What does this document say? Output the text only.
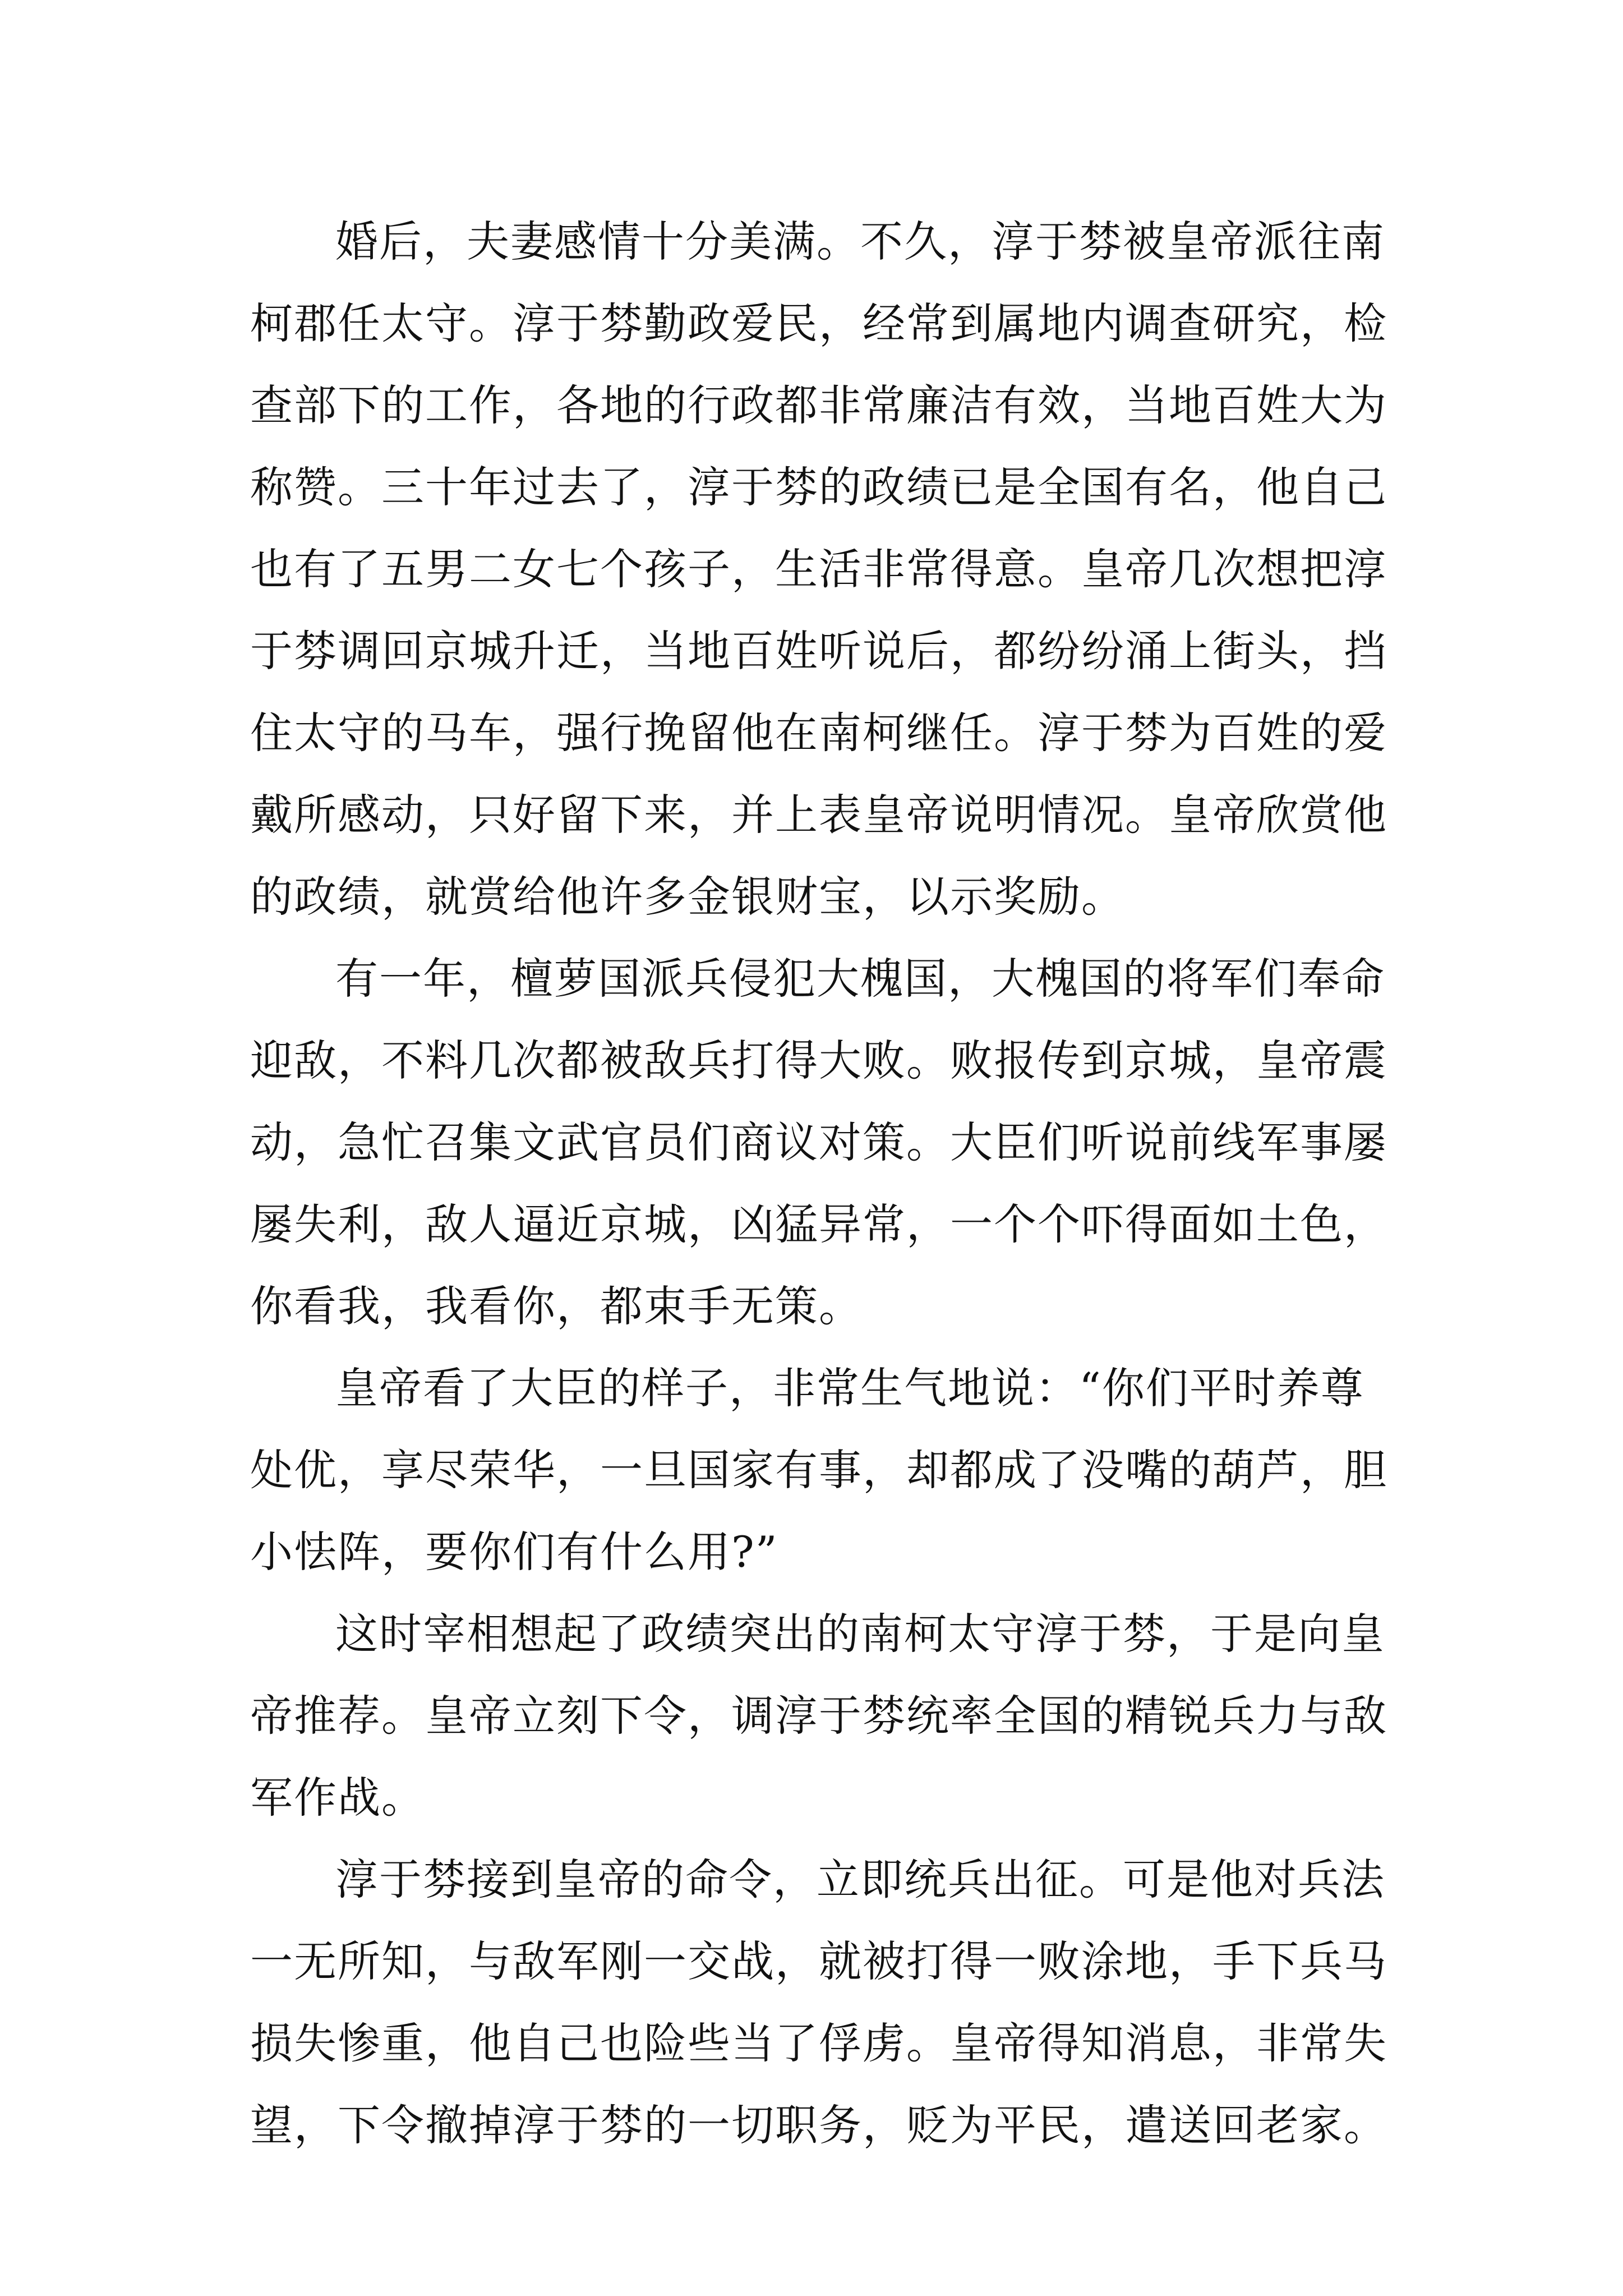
婚后，夫妻感情十分美满。不久，淳于棼被皇帝派往南
柯郡任太守。淳于棼勤政爱民，经常到属地内调查研究，检
查部下的工作，各地的行政都非常廉洁有效，当地百姓大为
称赞。三十年过去了，淳于棼的政绩已是全国有名，他自己
也有了五男二女七个孩子，生活非常得意。皇帝几次想把淳
于棼调回京城升迁，当地百姓听说后，都纷纷涌上街头，挡
住太守的马车，强行挽留他在南柯继任。淳于棼为百姓的爱
戴所感动，只好留下来，并上表皇帝说明情况。皇帝欣赏他
的政绩，就赏给他许多金银财宝，以示奖励。
有一年，檀萝国派兵侵犯大槐国，大槐国的将军们奉命
迎敌，不料几次都被敌兵打得大败。败报传到京城，皇帝震
动，急忙召集文武官员们商议对策。大臣们听说前线军事屡
屡失利，敌人逼近京城，凶猛异常，一个个吓得面如土色，
你看我，我看你，都束手无策。
皇帝看了大臣的样子，非常生气地说：“你们平时养尊
处优，享尽荣华，一旦国家有事，却都成了没嘴的葫芦，胆
小怯阵，要你们有什么用?”
这时宰相想起了政绩突出的南柯太守淳于棼，于是向皇
帝推荐。皇帝立刻下令，调淳于棼统率全国的精锐兵力与敌
军作战。
淳于棼接到皇帝的命令，立即统兵出征。可是他对兵法
一无所知，与敌军刚一交战，就被打得一败涂地，手下兵马
损失惨重，他自己也险些当了俘虏。皇帝得知消息，非常失
望，下令撤掉淳于棼的一切职务，贬为平民，遣送回老家。
